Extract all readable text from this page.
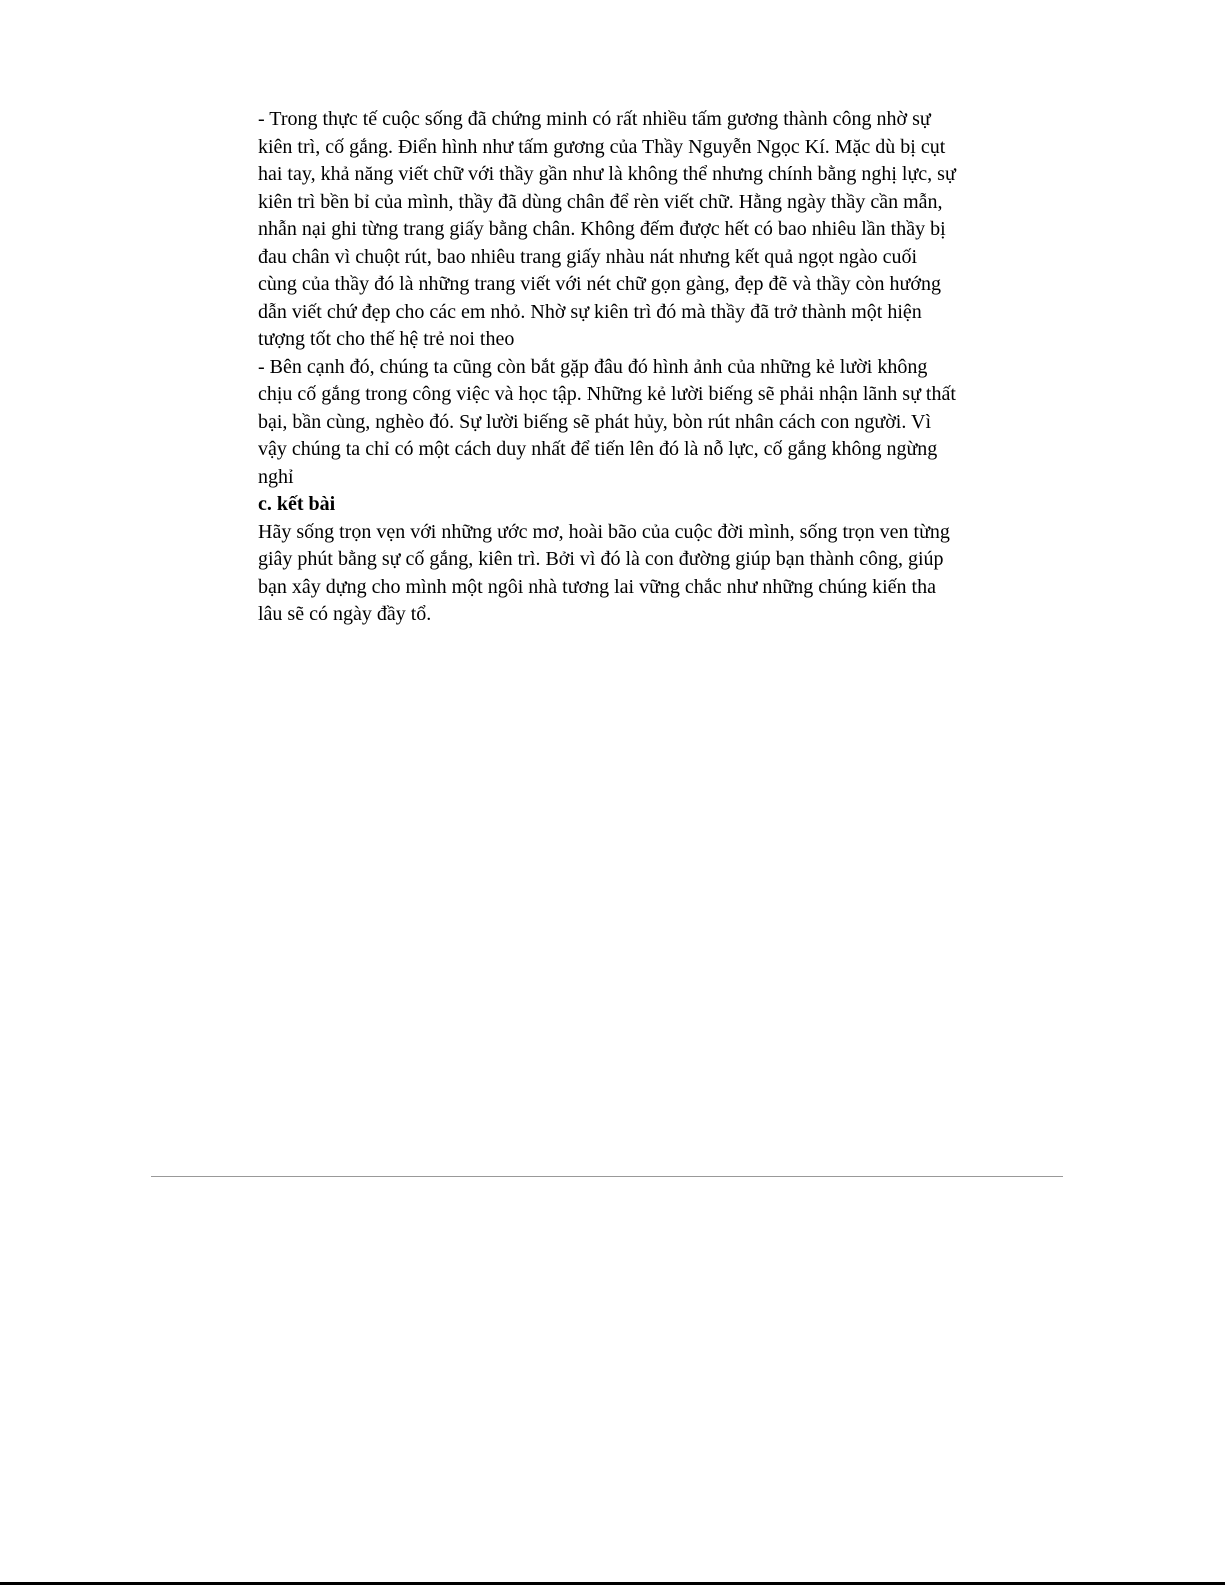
- Trong thực tế cuộc sống đã chứng minh có rất nhiều tấm gương thành công nhờ sự kiên trì, cố gắng. Điển hình như tấm gương của Thầy Nguyễn Ngọc Kí. Mặc dù bị cụt hai tay, khả năng viết chữ với thầy gần như là không thể nhưng chính bằng nghị lực, sự kiên trì bền bỉ của mình, thầy đã dùng chân để rèn viết chữ. Hằng ngày thầy cần mẫn, nhẫn nại ghi từng trang giấy bằng chân. Không đếm được hết có bao nhiêu lần thầy bị đau chân vì chuột rút, bao nhiêu trang giấy nhàu nát nhưng kết quả ngọt ngào cuối cùng của thầy đó là những trang viết với nét chữ gọn gàng, đẹp đẽ và thầy còn hướng dẫn viết chứ đẹp cho các em nhỏ. Nhờ sự kiên trì đó mà thầy đã trở thành một hiện tượng tốt cho thế hệ trẻ noi theo

- Bên cạnh đó, chúng ta cũng còn bắt gặp đâu đó hình ảnh của những kẻ lười không chịu cố gắng trong công việc và học tập. Những kẻ lười biếng sẽ phải nhận lãnh sự thất bại, bần cùng, nghèo đó. Sự lười biếng sẽ phát hủy, bòn rút nhân cách con người. Vì vậy chúng ta chỉ có một cách duy nhất để tiến lên đó là nỗ lực, cố gắng không ngừng nghỉ

c. kết bài

Hãy sống trọn vẹn với những ước mơ, hoài bão của cuộc đời mình, sống trọn ven từng giây phút bằng sự cố gắng, kiên trì. Bởi vì đó là con đường giúp bạn thành công, giúp bạn xây dựng cho mình một ngôi nhà tương lai vững chắc như những chúng kiến tha lâu sẽ có ngày đầy tổ.
